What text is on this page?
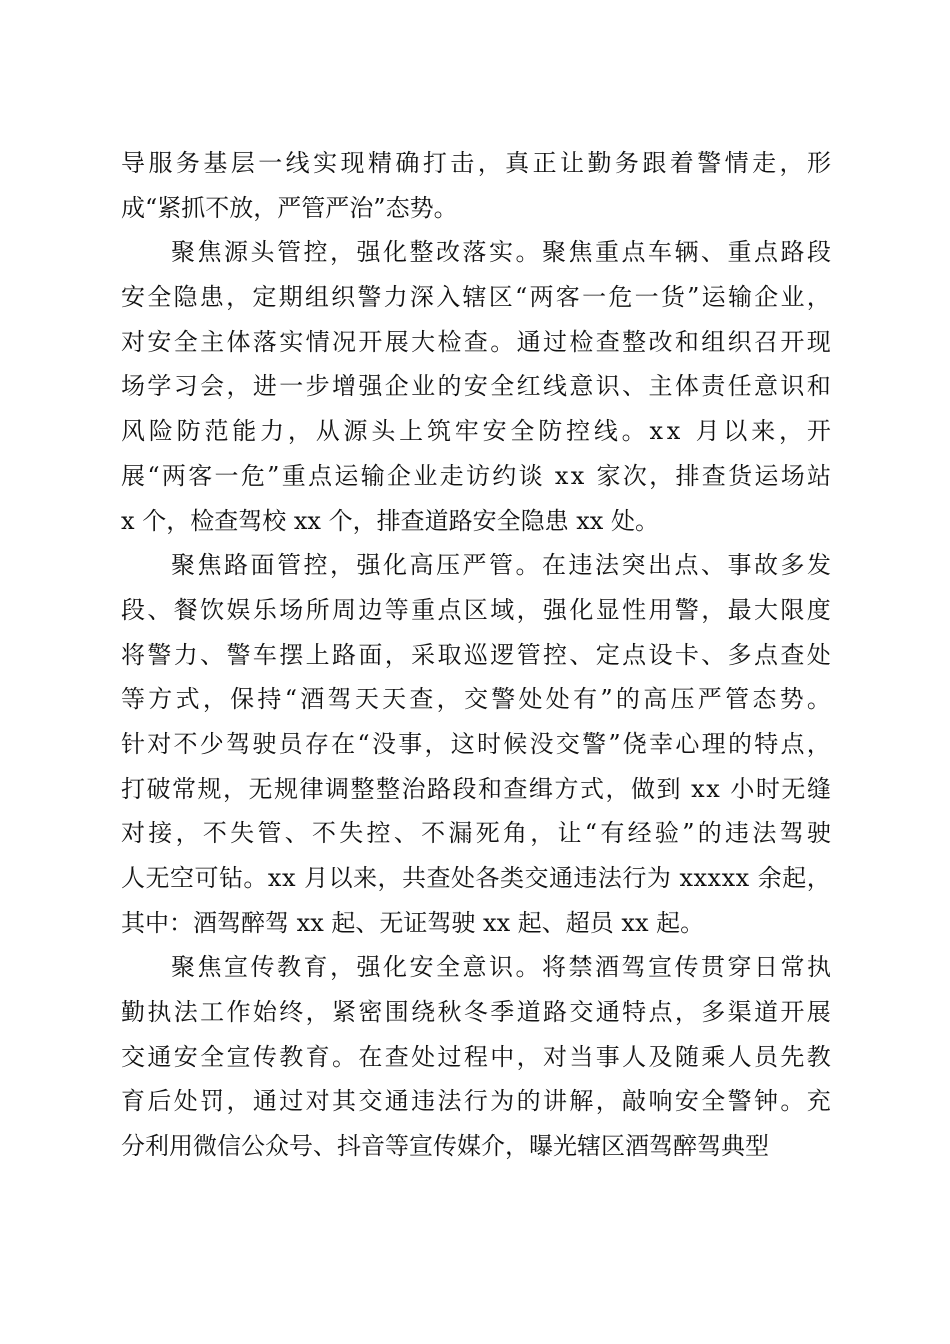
导 服 务 基 层 一 线 实 现 精 确 打 击 ， 真 正 让 勤 务 跟 着 警 情 走 ， 形
成 “ 紧 抓 不 放 ， 严 管 严 治 ” 态 势 。
聚 焦 源 头 管 控 ， 强 化 整 改 落 实 。 聚 焦 重 点 车 辆 、 重 点 路 段
安 全 隐 患 ， 定 期 组 织 警 力 深 入 辖 区 “ 两 客 一 危 一 货 ” 运 输 企 业 ，
对 安 全 主 体 落 实 情 况 开 展 大 检 查 。 通 过 检 查 整 改 和 组 织 召 开 现
场 学 习 会 ， 进 一 步 增 强 企 业 的 安 全 红 线 意 识 、 主 体 责 任 意 识 和
风 险 防 范 能 力 ， 从 源 头 上 筑 牢 安 全 防 控 线 。 x x
月 以 来 ， 开
展 “ 两 客 一 危 ” 重 点 运 输 企 业 走 访 约 谈
x x
家 次 ， 排 查 货 运 场 站
x
个 ， 检 查 驾 校
x x
个 ， 排 查 道 路 安 全 隐 患
x x
处 。
聚 焦 路 面 管 控 ， 强 化 高 压 严 管 。 在 违 法 突 出 点 、 事 故 多 发
段 、 餐 饮 娱 乐 场 所 周 边 等 重 点 区 域 ， 强 化 显 性 用 警 ， 最 大 限 度
将 警 力 、 警 车 摆 上 路 面 ， 采 取 巡 逻 管 控 、 定 点 设 卡 、 多 点 查 处
等 方 式 ， 保 持 “ 酒 驾 天 天 查 ， 交 警 处 处 有 ” 的 高 压 严 管 态 势 。
针 对 不 少 驾 驶 员 存 在 “ 没 事 ， 这 时 候 没 交 警 ” 侥 幸 心 理 的 特 点 ，
打 破 常 规 ， 无 规 律 调 整 整 治 路 段 和 查 缉 方 式 ， 做 到
x x
小 时 无 缝
对 接 ， 不 失 管 、 不 失 控 、 不 漏 死 角 ， 让 “ 有 经 验 ” 的 违 法 驾 驶
人 无 空 可 钻 。 x x
月 以 来 ， 共 查 处 各 类 交 通 违 法 行 为
x x x x x
余 起 ，
其 中 ： 酒 驾 醉 驾
x x
起 、 无 证 驾 驶
x x
起 、 超 员
x x
起 。
聚 焦 宣 传 教 育 ， 强 化 安 全 意 识 。 将 禁 酒 驾 宣 传 贯 穿 日 常 执
勤 执 法 工 作 始 终 ， 紧 密 围 绕 秋 冬 季 道 路 交 通 特 点 ， 多 渠 道 开 展
交 通 安 全 宣 传 教 育 。 在 查 处 过 程 中 ， 对 当 事 人 及 随 乘 人 员 先 教
育 后 处 罚 ， 通 过 对 其 交 通 违 法 行 为 的 讲 解 ， 敲 响 安 全 警 钟 。 充
分 利 用 微 信 公 众 号 、 抖 音 等 宣 传 媒 介 ， 曝 光 辖 区 酒 驾 醉 驾 典 型
